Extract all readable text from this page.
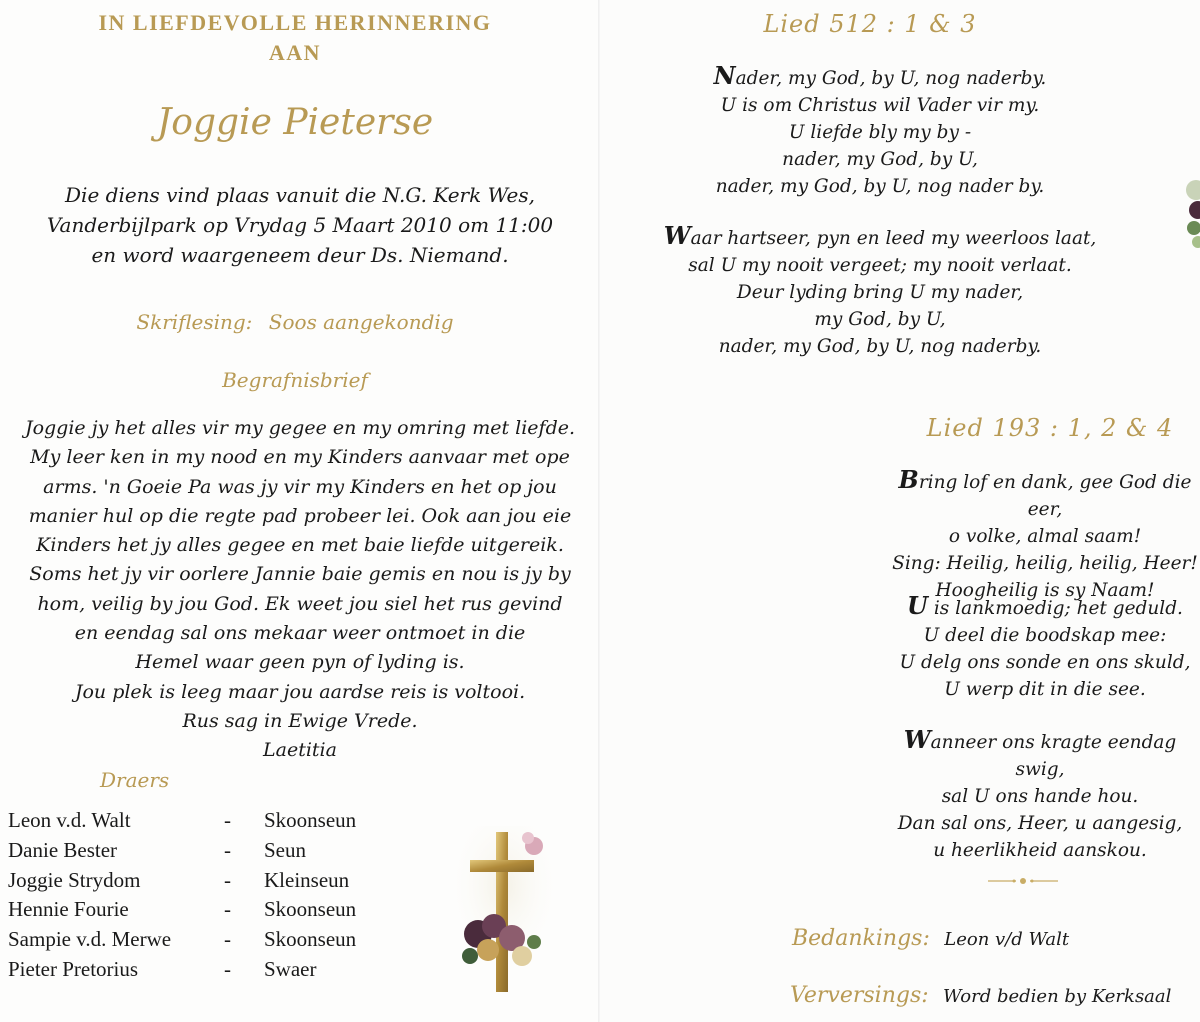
IN LIEFDEVOLLE HERINNERING
AAN
Joggie Pieterse
Die diens vind plaas vanuit die N.G. Kerk Wes,
Vanderbijlpark op Vrydag 5 Maart 2010 om 11:00
en word waargeneem deur Ds. Niemand.
Skriflesing: Soos aangekondig
Begrafnisbrief
Joggie jy het alles vir my gegee en my omring met liefde.
My leer ken in my nood en my Kinders aanvaar met ope
arms. 'n Goeie Pa was jy vir my Kinders en het op jou
manier hul op die regte pad probeer lei. Ook aan jou eie
Kinders het jy alles gegee en met baie liefde uitgereik.
Soms het jy vir oorlere Jannie baie gemis en nou is jy by
hom, veilig by jou God. Ek weet jou siel het rus gevind
en eendag sal ons mekaar weer ontmoet in die
Hemel waar geen pyn of lyding is.
Jou plek is leeg maar jou aardse reis is voltooi.
Rus sag in Ewige Vrede.
Laetitia
Draers
Leon v.d. Walt	- Skoonseun
Danie Bester	- Seun
Joggie Strydom	- Kleinseun
Hennie Fourie	- Skoonseun
Sampie v.d. Merwe	- Skoonseun
Pieter Pretorius	- Swaer
Lied 512 : 1 & 3
Nader, my God, by U, nog naderby.
U is om Christus wil Vader vir my.
U liefde bly my by -
nader, my God, by U,
nader, my God, by U, nog nader by.
Waar hartseer, pyn en leed my weerloos laat,
sal U my nooit vergeet; my nooit verlaat.
Deur lyding bring U my nader,
my God, by U,
nader, my God, by U, nog naderby.
Lied 193 : 1, 2 & 4
Bring lof en dank, gee God die eer,
o volke, almal saam!
Sing: Heilig, heilig, heilig, Heer!
Hoogheilig is sy Naam!
U is lankmoedig; het geduld.
U deel die boodskap mee:
U delg ons sonde en ons skuld,
U werp dit in die see.
Wanneer ons kragte eendag swig,
sal U ons hande hou.
Dan sal ons, Heer, u aangesig,
u heerlikheid aanskou.
Bedankings: Leon v/d Walt
Verversings: Word bedien by Kerksaal
